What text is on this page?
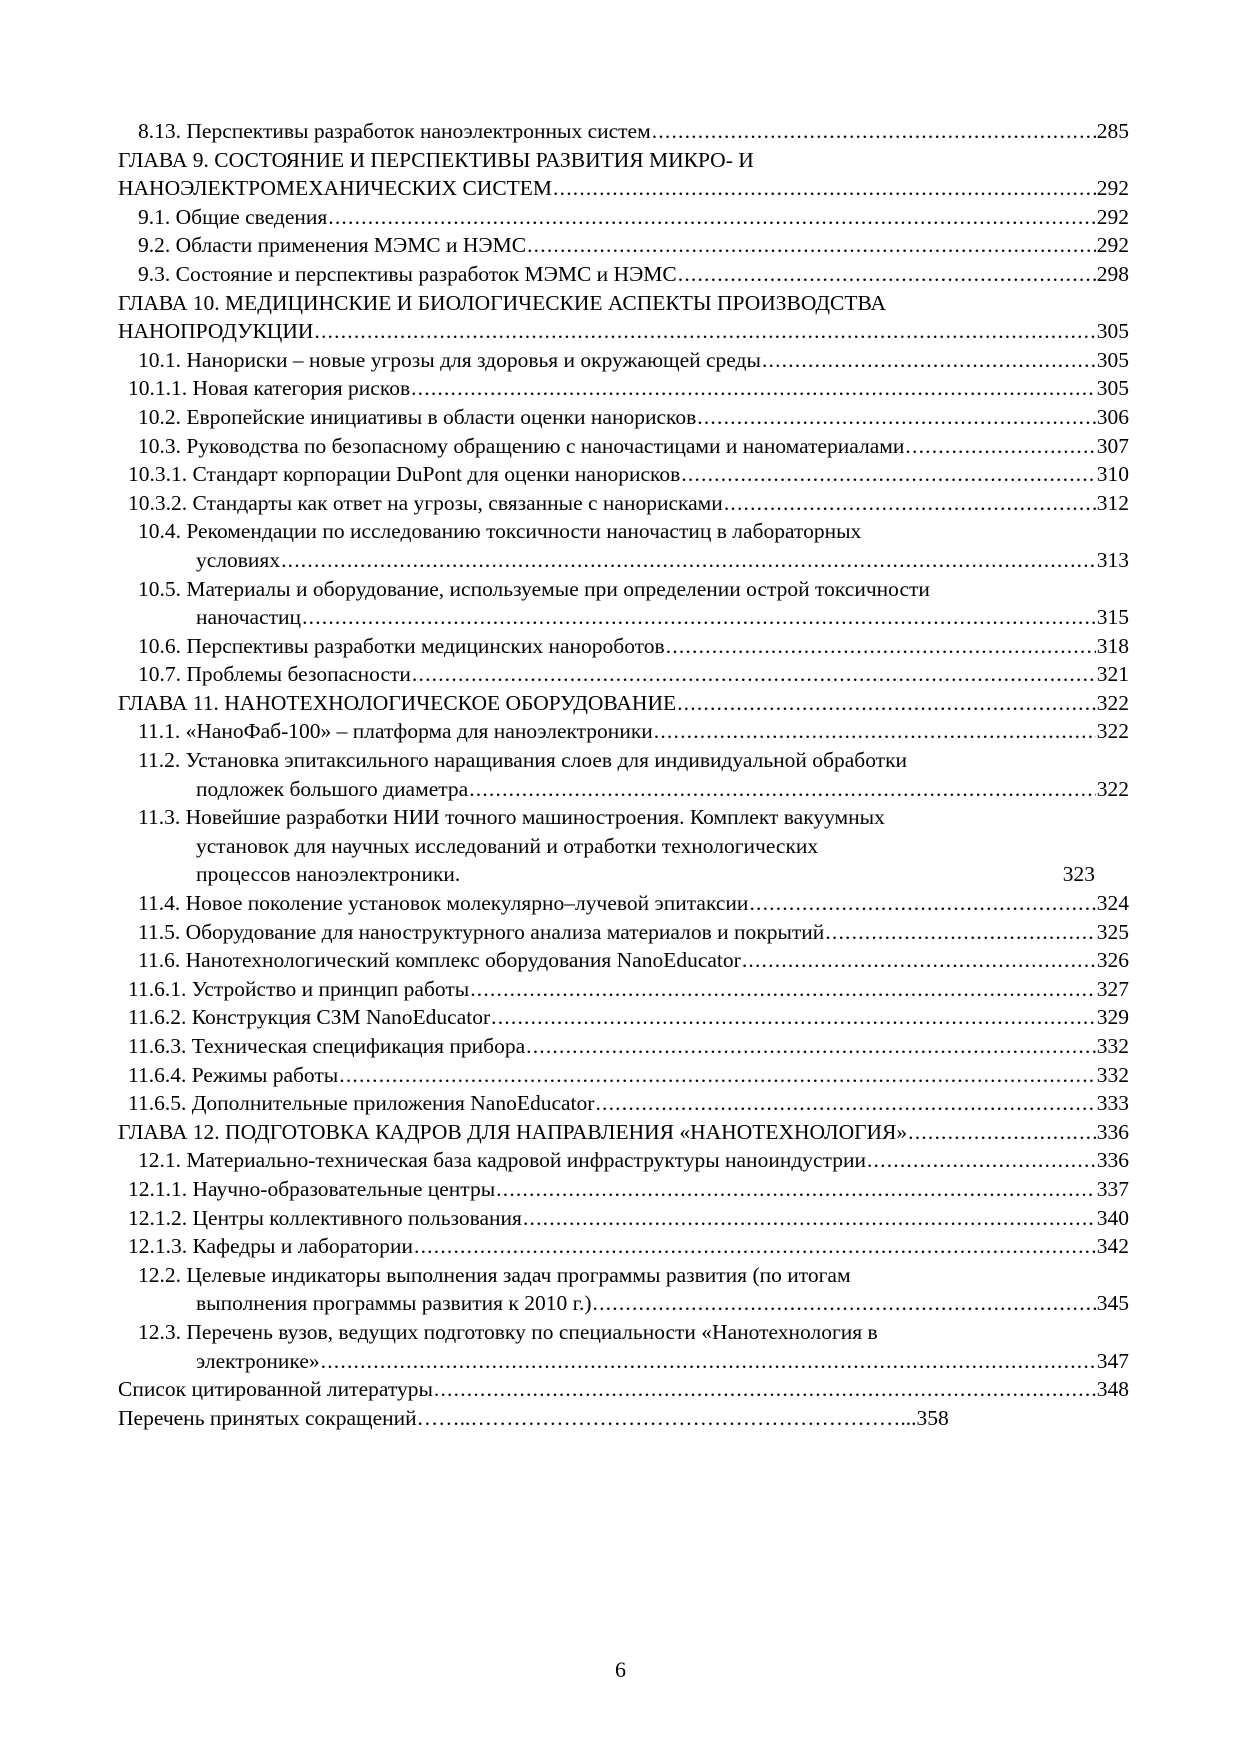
8.13. Перспективы разработок наноэлектронных систем .....	285
ГЛАВА 9. СОСТОЯНИЕ И ПЕРСПЕКТИВЫ РАЗВИТИЯ МИКРО- И
НАНОЭЛЕКТРОМЕХАНИЧЕСКИХ СИСТЕМ .....	292
9.1. Общие сведения .....	292
9.2. Области применения МЭМС и НЭМС .....	292
9.3. Состояние и перспективы разработок МЭМС и НЭМС .....	298
ГЛАВА 10. МЕДИЦИНСКИЕ И БИОЛОГИЧЕСКИЕ АСПЕКТЫ ПРОИЗВОДСТВА
НАНОПРОДУКЦИИ .....	305
10.1. Нанориски – новые угрозы для здоровья и окружающей среды .....	305
10.1.1. Новая категория рисков .....	305
10.2. Европейские инициативы в области оценки нанорисков .....	306
10.3. Руководства по безопасному обращению с наночастицами и наноматериалами .....	307
10.3.1. Стандарт корпорации DuPont для оценки нанорисков .....	310
10.3.2. Стандарты как ответ на угрозы, связанные с нанорисками .....	312
10.4. Рекомендации по исследованию токсичности наночастиц в лабораторных
условиях .....	313
10.5. Материалы и оборудование, используемые при определении острой токсичности
наночастиц .....	315
10.6. Перспективы разработки медицинских нанороботов .....	318
10.7. Проблемы безопасности .....	321
ГЛАВА 11. НАНОТЕХНОЛОГИЧЕСКОЕ ОБОРУДОВАНИЕ .....	322
11.1. «НаноФаб-100» – платформа для наноэлектроники .....	322
11.2. Установка эпитаксильного наращивания слоев для индивидуальной обработки
подложек большого диаметра .....	322
11.3. Новейшие разработки НИИ точного машиностроения. Комплект вакуумных
установок для научных исследований и отработки технологических
процессов наноэлектроники.	323
11.4. Новое поколение установок молекулярно–лучевой эпитаксии .....	324
11.5. Оборудование для наноструктурного анализа материалов и покрытий .....	325
11.6. Нанотехнологический комплекс оборудования NanoEducator .....	326
11.6.1. Устройство и принцип работы .....	327
11.6.2. Конструкция СЗМ NanoEducator .....	329
11.6.3. Техническая спецификация прибора .....	332
11.6.4. Режимы работы .....	332
11.6.5. Дополнительные приложения NanoEducator .....	333
ГЛАВА 12. ПОДГОТОВКА КАДРОВ ДЛЯ НАПРАВЛЕНИЯ «НАНОТЕХНОЛОГИЯ» .....	336
12.1. Материально-техническая база кадровой инфраструктуры наноиндустрии .....	336
12.1.1. Научно-образовательные центры .....	337
12.1.2. Центры коллективного пользования .....	340
12.1.3. Кафедры и лаборатории .....	342
12.2. Целевые индикаторы выполнения задач программы развития (по итогам
выполнения программы развития к 2010 г.) .....	345
12.3. Перечень вузов, ведущих подготовку по специальности «Нанотехнология в
электронике» .....	347
Список цитированной литературы .....	348
Перечень принятых сокращений……..……………………………………………………... 358
6
